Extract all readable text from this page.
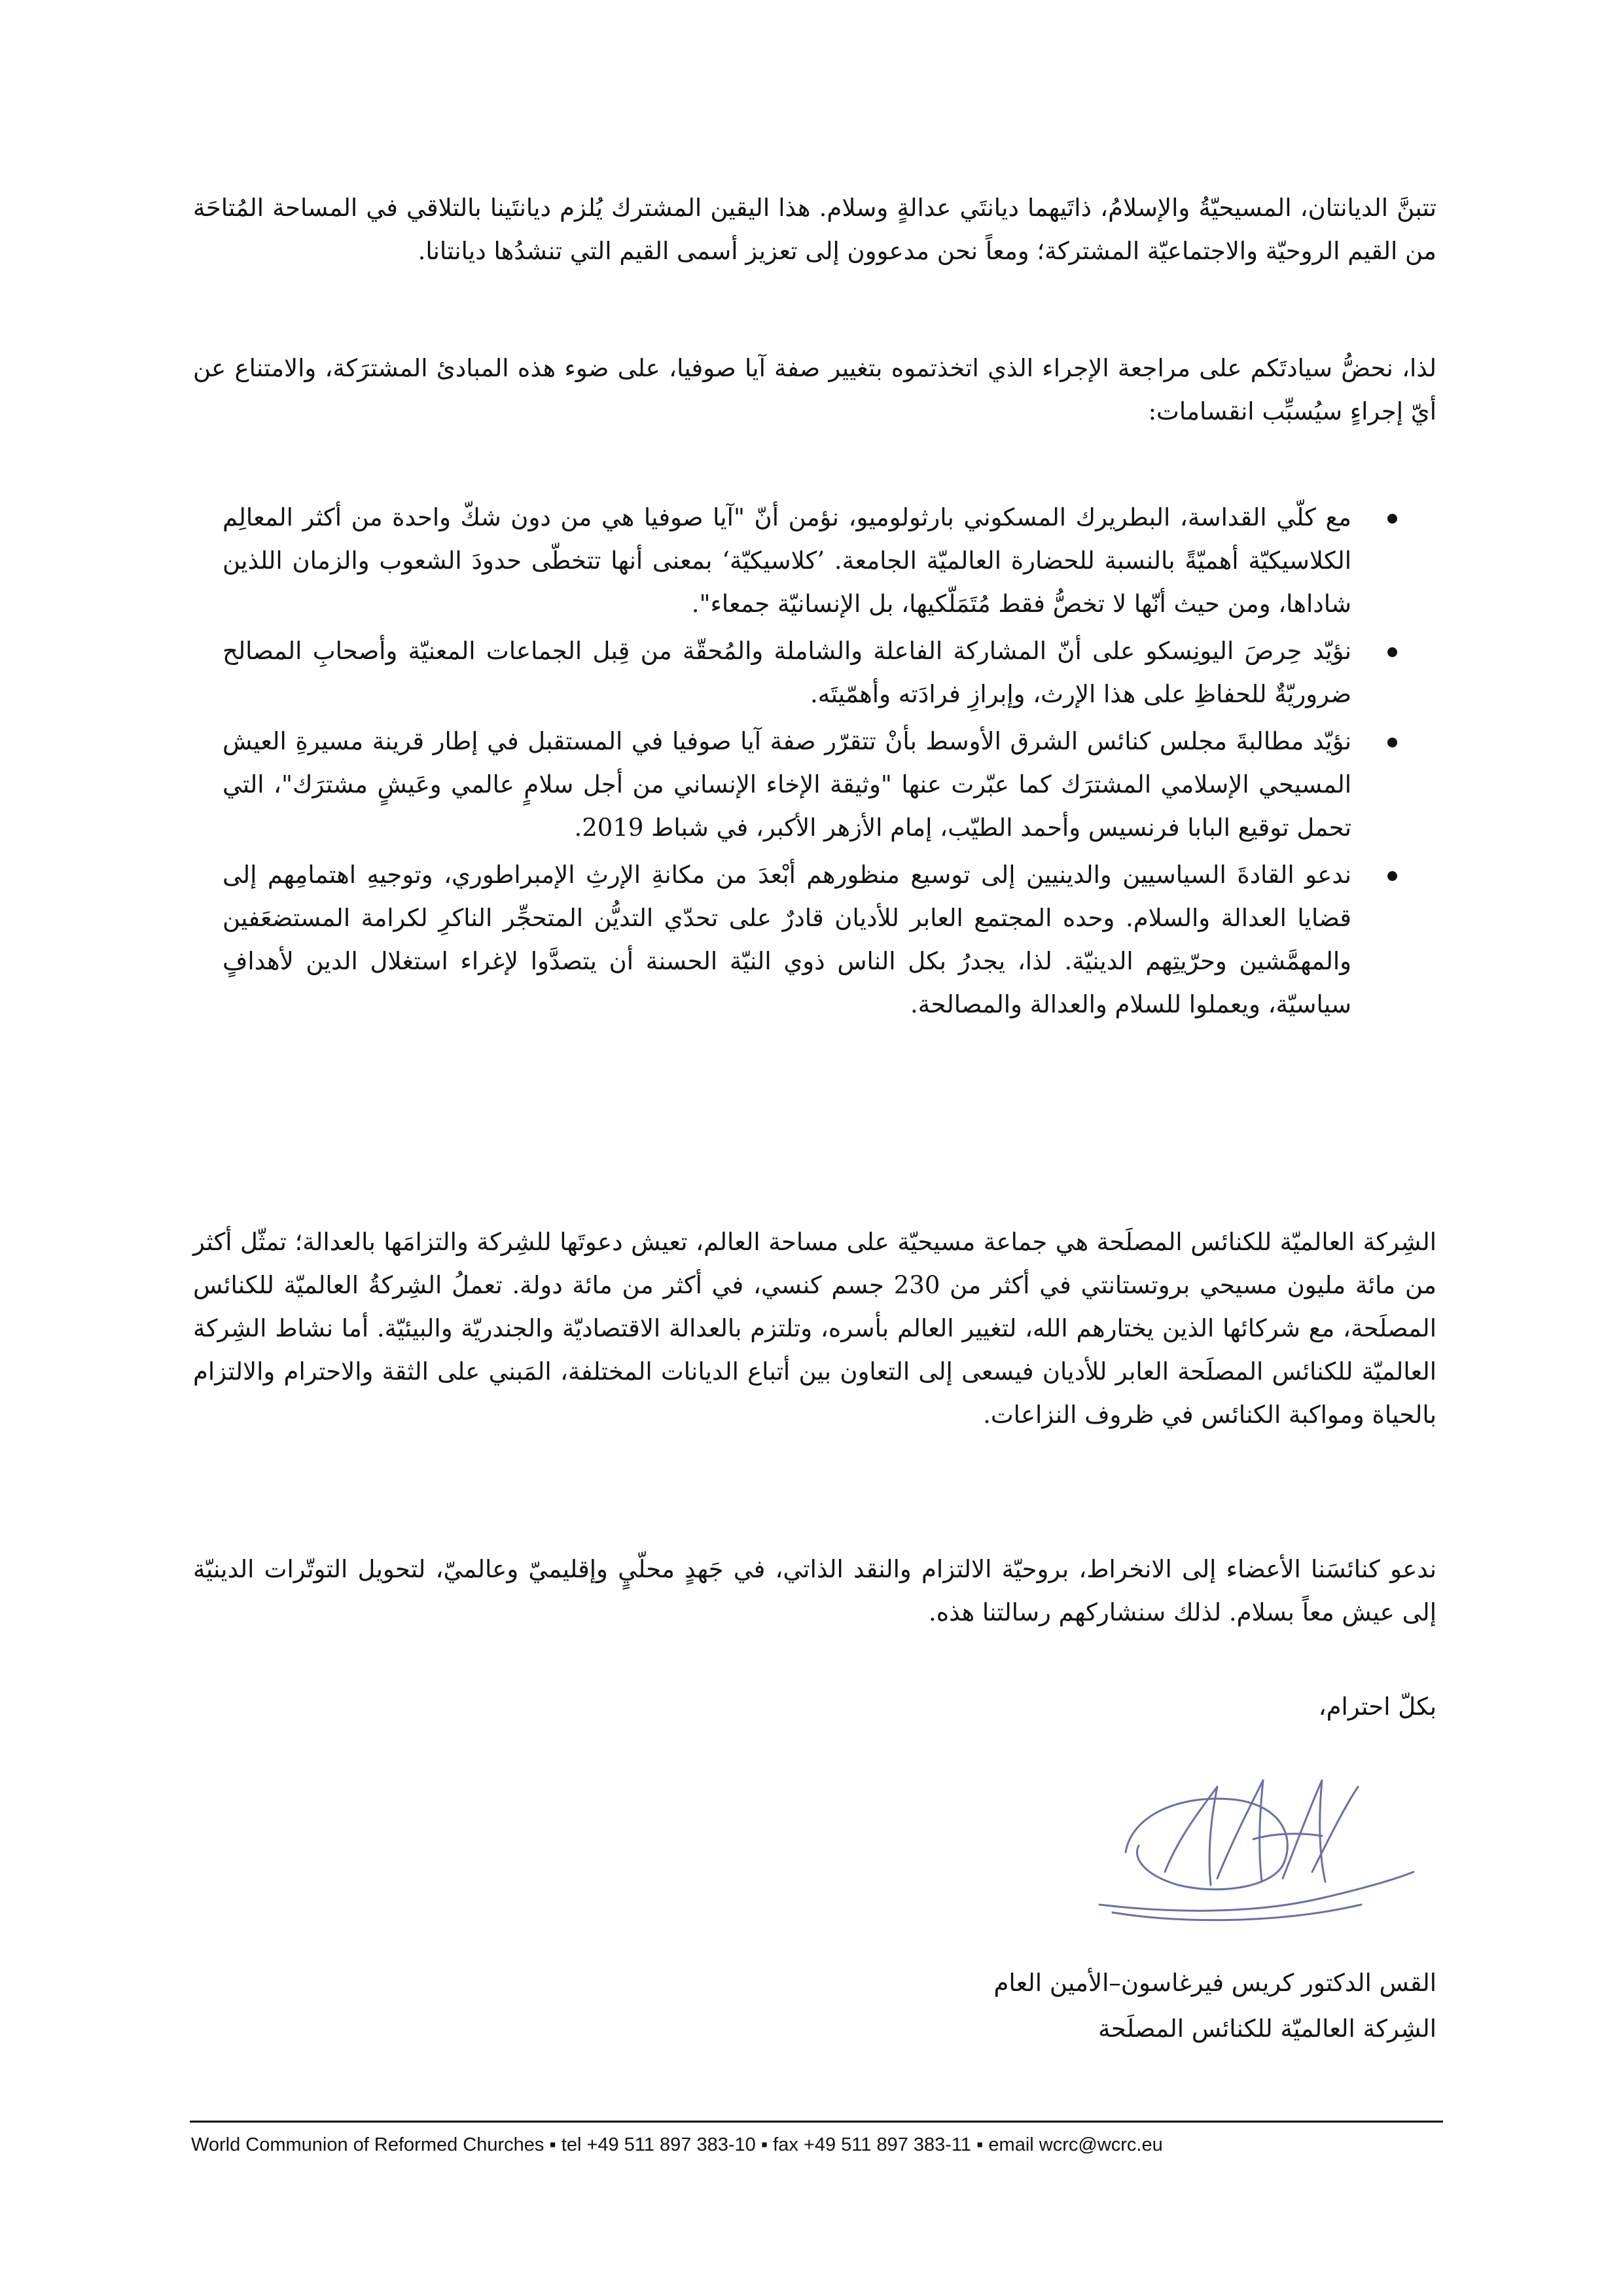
تتبنَّ الديانتان، المسيحيّةُ والإسلامُ، ذاتَيهما ديانتَي عدالةٍ وسلام. هذا اليقين المشترك يُلزم ديانتَينا بالتلاقي في المساحة المُتاحَة من القيم الروحيّة والاجتماعيّة المشتركة؛ ومعاً نحن مدعوون إلى تعزيز أسمى القيم التي تنشدُها ديانتانا.

لذا، نحضُّ سيادتَكم على مراجعة الإجراء الذي اتخذتموه بتغيير صفة آيا صوفيا، على ضوء هذه المبادئ المشترَكة، والامتناع عن أيّ إجراءٍ سيُسبِّب انقسامات:

مع كلّي القداسة، البطريرك المسكوني بارثولوميو، نؤمن أنّ "آيا صوفيا هي من دون شكّ واحدة من أكثر المعالِم الكلاسيكيّة أهميّةً بالنسبة للحضارة العالميّة الجامعة. ’كلاسيكيّة‘ بمعنى أنها تتخطّى حدودَ الشعوب والزمان اللذين شاداها، ومن حيث أنّها لا تخصُّ فقط مُتَمَلّكيها، بل الإنسانيّة جمعاء".
نؤيّد حِرصَ اليونِسكو على أنّ المشاركة الفاعلة والشاملة والمُحقّة من قِبل الجماعات المعنيّة وأصحابِ المصالح ضروريّةٌ للحفاظِ على هذا الإرث، وإبرازِ فرادَته وأهمّيتَه.
نؤيّد مطالبةَ مجلس كنائس الشرق الأوسط بأنْ تتقرّر صفة آيا صوفيا في المستقبل في إطار قرينة مسيرةِ العيش المسيحي الإسلامي المشترَك كما عبّرت عنها "وثيقة الإخاء الإنساني من أجل سلامٍ عالمي وعَيشٍ مشترَك"، التي تحمل توقيع البابا فرنسيس وأحمد الطيّب، إمام الأزهر الأكبر، في شباط 2019.
ندعو القادةَ السياسيين والدينيين إلى توسيع منظورهم أبْعدَ من مكانةِ الإرثِ الإمبراطوري، وتوجيهِ اهتمامِهم إلى قضايا العدالة والسلام. وحده المجتمع العابر للأديان قادرٌ على تحدّي التديُّن المتحجِّر الناكرِ لكرامة المستضعَفين والمهمَّشين وحرّيتِهم الدينيّة. لذا، يجدرُ بكل الناس ذوي النيّة الحسنة أن يتصدَّوا لإغراء استغلال الدين لأهدافٍ سياسيّة، ويعملوا للسلام والعدالة والمصالحة.

الشِركة العالميّة للكنائس المصلَحة هي جماعة مسيحيّة على مساحة العالم، تعيش دعوتَها للشِركة والتزامَها بالعدالة؛ تمثّل أكثر من مائة مليون مسيحي بروتستانتي في أكثر من 230 جسم كنسي، في أكثر من مائة دولة. تعملُ الشِركةُ العالميّة للكنائس المصلَحة، مع شركائها الذين يختارهم الله، لتغيير العالم بأسره، وتلتزم بالعدالة الاقتصاديّة والجندريّة والبيئيّة. أما نشاط الشِركة العالميّة للكنائس المصلَحة العابر للأديان فيسعى إلى التعاون بين أتباع الديانات المختلفة، المَبني على الثقة والاحترام والالتزام بالحياة ومواكبة الكنائس في ظروف النزاعات.

ندعو كنائسَنا الأعضاء إلى الانخراط، بروحيّة الالتزام والنقد الذاتي، في جَهدٍ محلّيٍ وإقليميّ وعالميّ، لتحويل التوتّرات الدينيّة إلى عيش معاً بسلام. لذلك سنشاركهم رسالتنا هذه.

بكلّ احترام،

القس الدكتور كريس فيرغاسون–الأمين العام
الشِركة العالميّة للكنائس المصلَحة
World Communion of Reformed Churches ▪ tel +49 511 897 383-10 ▪ fax +49 511 897 383-11 ▪ email wcrc@wcrc.eu
